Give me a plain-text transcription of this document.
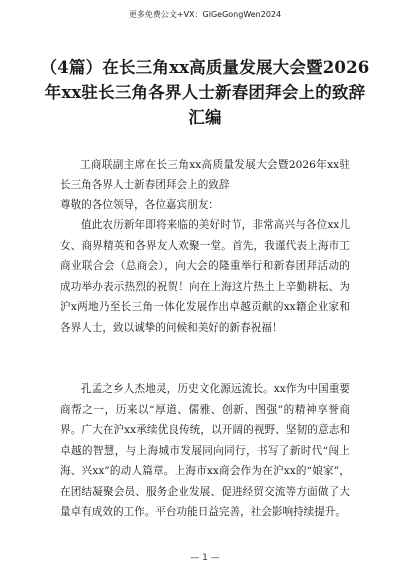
更多免费公文+VX：GlGeGongWen2024
（4篇）在长三角xx高质量发展大会暨2026年xx驻长三角各界人士新春团拜会上的致辞汇编
工商联副主席在长三角xx高质量发展大会暨2026年xx驻长三角各界人士新春团拜会上的致辞
尊敬的各位领导，各位嘉宾朋友：
值此农历新年即将来临的美好时节，非常高兴与各位xx儿女、商界精英和各界友人欢聚一堂。首先，我谨代表上海市工商业联合会（总商会），向大会的隆重举行和新春团拜活动的成功举办表示热烈的祝贺！向在上海这片热土上辛勤耕耘、为沪x两地乃至长三角一体化发展作出卓越贡献的xx籍企业家和各界人士，致以诚挚的问候和美好的新春祝福！
孔孟之乡人杰地灵，历史文化源远流长。xx作为中国重要商帮之一，历来以“厚道、儒雅、创新、图强”的精神享誉商界。广大在沪xx承续优良传统，以开阔的视野、坚韧的意志和卓越的智慧，与上海城市发展同向同行，书写了新时代“闯上海、兴xx”的动人篇章。上海市xx商会作为在沪xx的“娘家”，在团结凝聚会员、服务企业发展、促进经贸交流等方面做了大量卓有成效的工作。平台功能日益完善，社会影响持续提升。
— 1 —
